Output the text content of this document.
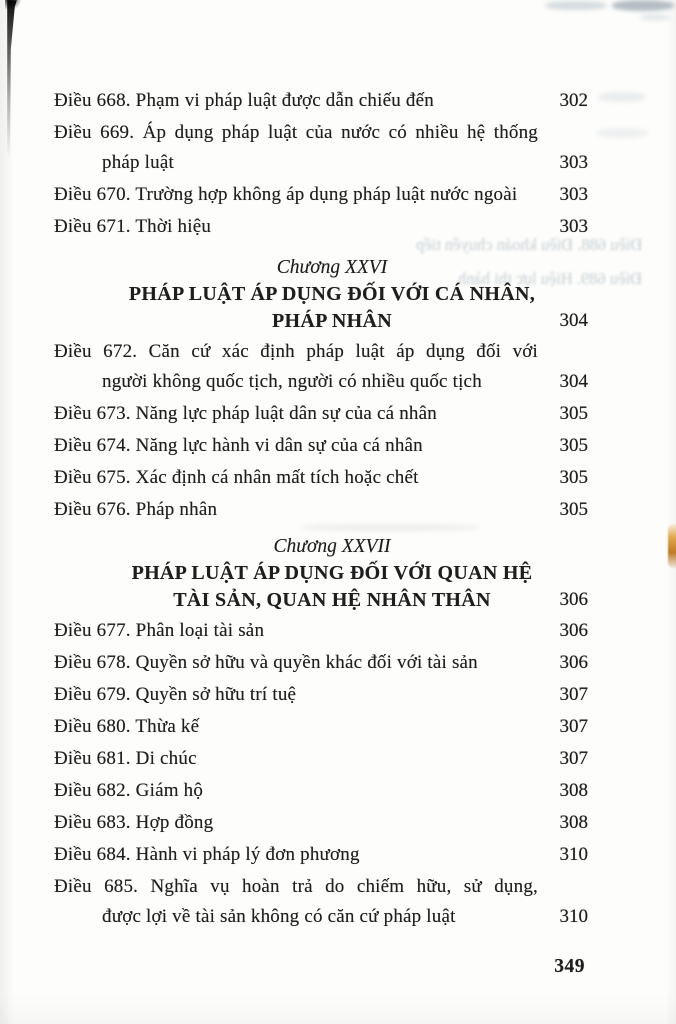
Điều 688. Điều khoản chuyển tiếp
Điều 689. Hiệu lực thi hành
Điều 668. Phạm vi pháp luật được dẫn chiếu đến	302
Điều 669. Áp dụng pháp luật của nước có nhiều hệ thống
pháp luật	303
Điều 670. Trường hợp không áp dụng pháp luật nước ngoài	303
Điều 671. Thời hiệu	303
Chương XXVI
PHÁP LUẬT ÁP DỤNG ĐỐI VỚI CÁ NHÂN,
PHÁP NHÂN	304
Điều 672. Căn cứ xác định pháp luật áp dụng đối với
người không quốc tịch, người có nhiều quốc tịch	304
Điều 673. Năng lực pháp luật dân sự của cá nhân	305
Điều 674. Năng lực hành vi dân sự của cá nhân	305
Điều 675. Xác định cá nhân mất tích hoặc chết	305
Điều 676. Pháp nhân	305
Chương XXVII
PHÁP LUẬT ÁP DỤNG ĐỐI VỚI QUAN HỆ
TÀI SẢN, QUAN HỆ NHÂN THÂN	306
Điều 677. Phân loại tài sản	306
Điều 678. Quyền sở hữu và quyền khác đối với tài sản	306
Điều 679. Quyền sở hữu trí tuệ	307
Điều 680. Thừa kế	307
Điều 681. Di chúc	307
Điều 682. Giám hộ	308
Điều 683. Hợp đồng	308
Điều 684. Hành vi pháp lý đơn phương	310
Điều 685. Nghĩa vụ hoàn trả do chiếm hữu, sử dụng,
được lợi về tài sản không có căn cứ pháp luật	310
349
